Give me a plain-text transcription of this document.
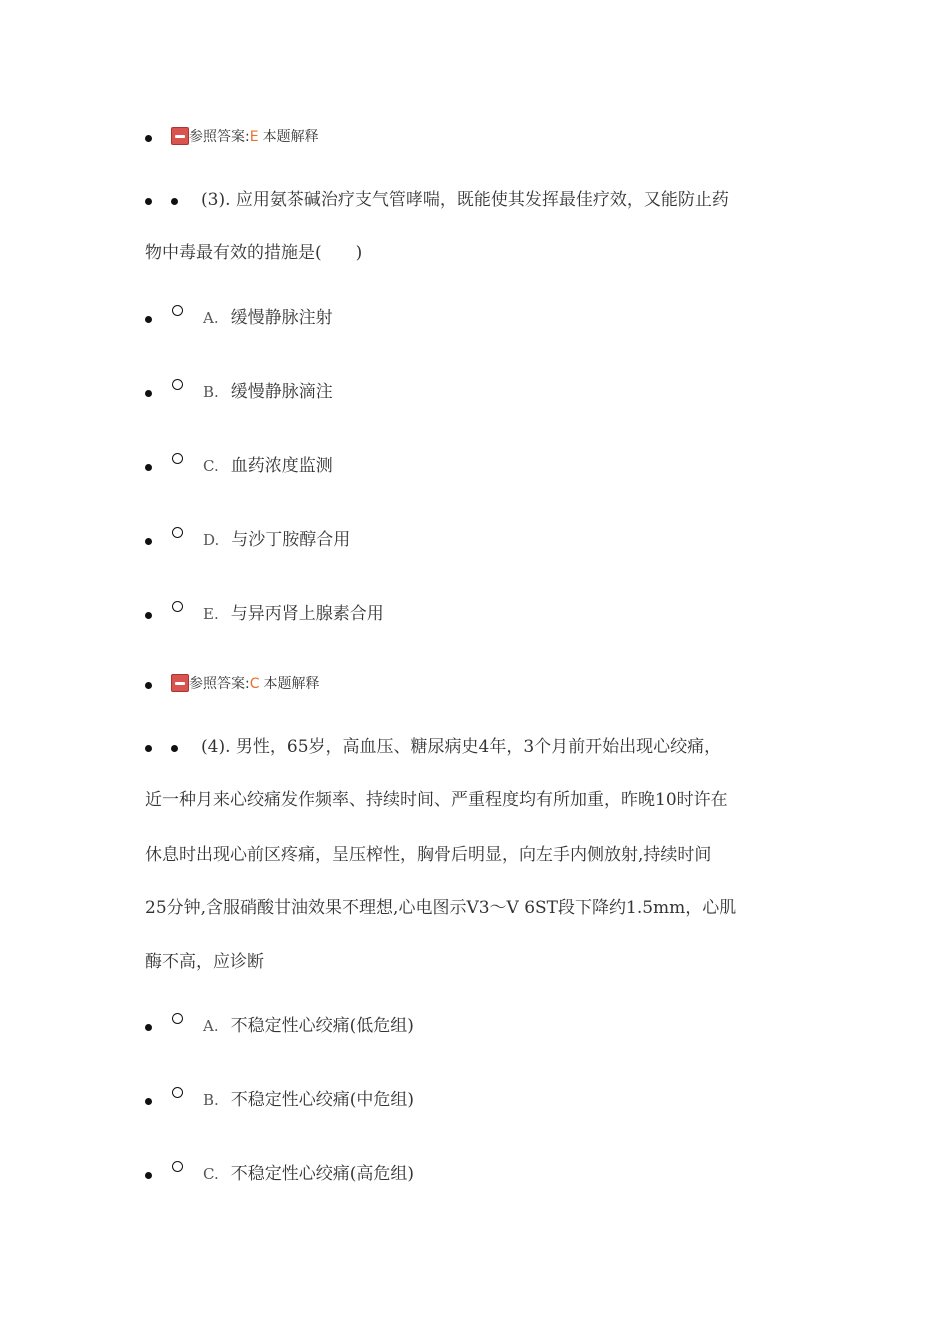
参照答案:E 本题解释
(3). 应用氨茶碱治疗支气管哮喘，既能使其发挥最佳疗效，又能防止药

物中毒最有效的措施是(　　)
A. 缓慢静脉注射
B. 缓慢静脉滴注
C. 血药浓度监测
D. 与沙丁胺醇合用
E. 与异丙肾上腺素合用
参照答案:C 本题解释
(4). 男性，65岁，高血压、糖尿病史4年，3个月前开始出现心绞痛，
近一种月来心绞痛发作频率、持续时间、严重程度均有所加重，昨晚10时许在
休息时出现心前区疼痛，呈压榨性，胸骨后明显，向左手内侧放射,持续时间
25分钟,含服硝酸甘油效果不理想,心电图示V3～V 6ST段下降约1.5mm，心肌
酶不高，应诊断
A. 不稳定性心绞痛(低危组)
B. 不稳定性心绞痛(中危组)
C. 不稳定性心绞痛(高危组)
